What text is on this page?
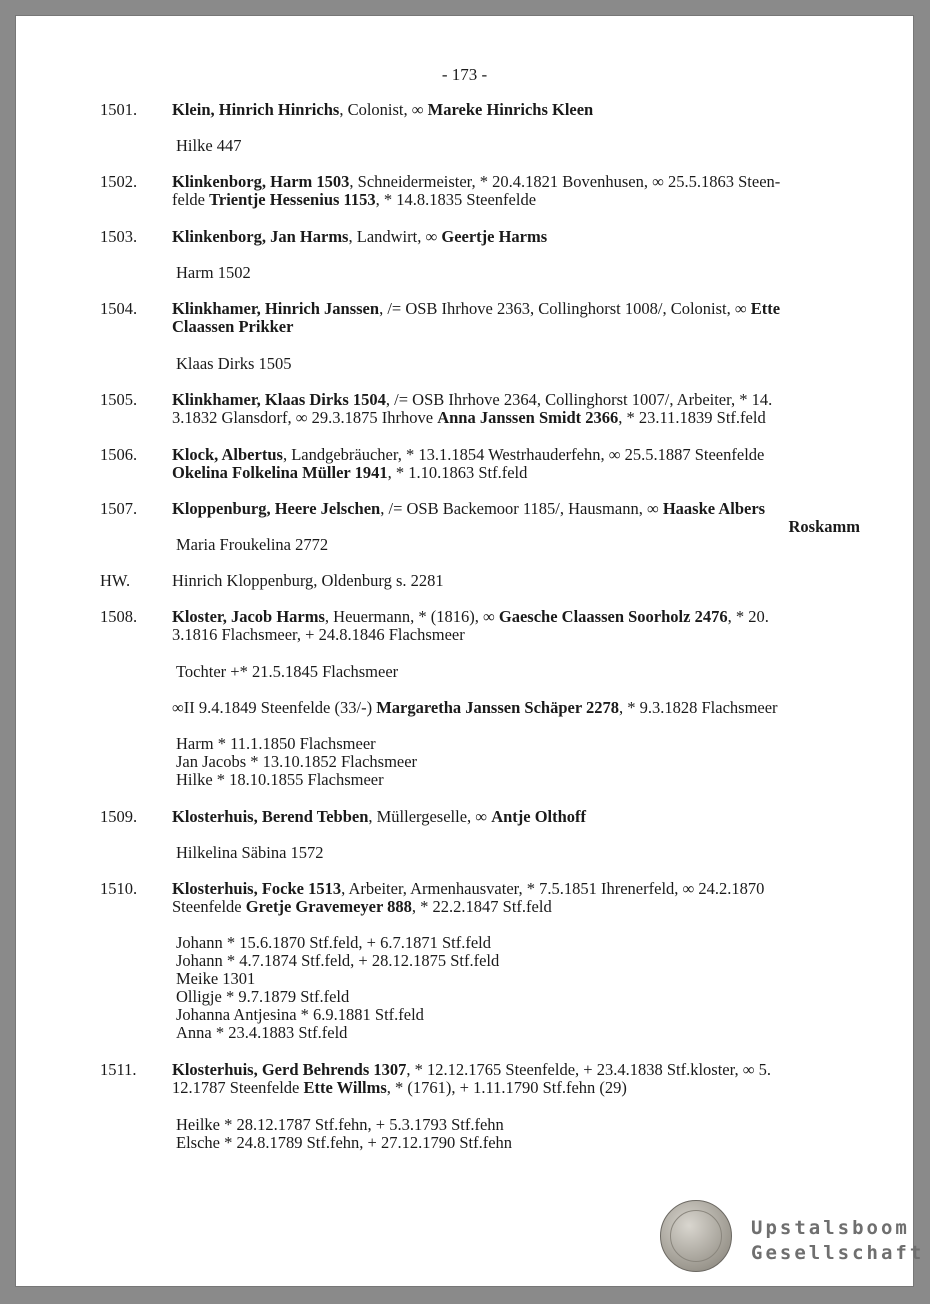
- 173 -
1501.	Klein, Hinrich Hinrichs, Colonist, ∞ Mareke Hinrichs Kleen
Hilke 447
1502.	Klinkenborg, Harm 1503, Schneidermeister, * 20.4.1821 Bovenhusen, ∞ 25.5.1863 Steen-
felde Trientje Hessenius 1153, * 14.8.1835 Steenfelde
1503.	Klinkenborg, Jan Harms, Landwirt, ∞ Geertje Harms
Harm 1502
1504.	Klinkhamer, Hinrich Janssen, /= OSB Ihrhove 2363, Collinghorst 1008/, Colonist, ∞ Ette
Claassen Prikker
Klaas Dirks 1505
1505.	Klinkhamer, Klaas Dirks 1504, /= OSB Ihrhove 2364, Collinghorst 1007/, Arbeiter, * 14.
3.1832 Glansdorf, ∞ 29.3.1875 Ihrhove Anna Janssen Smidt 2366, * 23.11.1839 Stf.feld
1506.	Klock, Albertus, Landgebräucher, * 13.1.1854 Westrhauderfehn, ∞ 25.5.1887 Steenfelde
Okelina Folkelina Müller 1941, * 1.10.1863 Stf.feld
1507.	Kloppenburg, Heere Jelschen, /= OSB Backemoor 1185/, Hausmann, ∞ Haaske Albers

Roskamm
Maria Froukelina 2772
HW.	Hinrich Kloppenburg, Oldenburg s. 2281
1508.	Kloster, Jacob Harms, Heuermann, * (1816), ∞ Gaesche Claassen Soorholz 2476, * 20.
3.1816 Flachsmeer, + 24.8.1846 Flachsmeer
Tochter +* 21.5.1845 Flachsmeer
∞II 9.4.1849 Steenfelde (33/-) Margaretha Janssen Schäper 2278, * 9.3.1828 Flachsmeer
Harm * 11.1.1850 Flachsmeer
Jan Jacobs * 13.10.1852 Flachsmeer
Hilke * 18.10.1855 Flachsmeer
1509.	Klosterhuis, Berend Tebben, Müllergeselle, ∞ Antje Olthoff
Hilkelina Säbina 1572
1510.	Klosterhuis, Focke 1513, Arbeiter, Armenhausvater, * 7.5.1851 Ihrenerfeld, ∞ 24.2.1870
Steenfelde Gretje Gravemeyer 888, * 22.2.1847 Stf.feld
Johann * 15.6.1870 Stf.feld, + 6.7.1871 Stf.feld
Johann * 4.7.1874 Stf.feld, + 28.12.1875 Stf.feld
Meike 1301
Olligje * 9.7.1879 Stf.feld
Johanna Antjesina * 6.9.1881 Stf.feld
Anna * 23.4.1883 Stf.feld
1511.	Klosterhuis, Gerd Behrends 1307, * 12.12.1765 Steenfelde, + 23.4.1838 Stf.kloster, ∞ 5.
12.1787 Steenfelde Ette Willms, * (1761), + 1.11.1790 Stf.fehn (29)
Heilke * 28.12.1787 Stf.fehn, + 5.3.1793 Stf.fehn
Elsche * 24.8.1789 Stf.fehn, + 27.12.1790 Stf.fehn
Upstalsboom
Gesellschaft
